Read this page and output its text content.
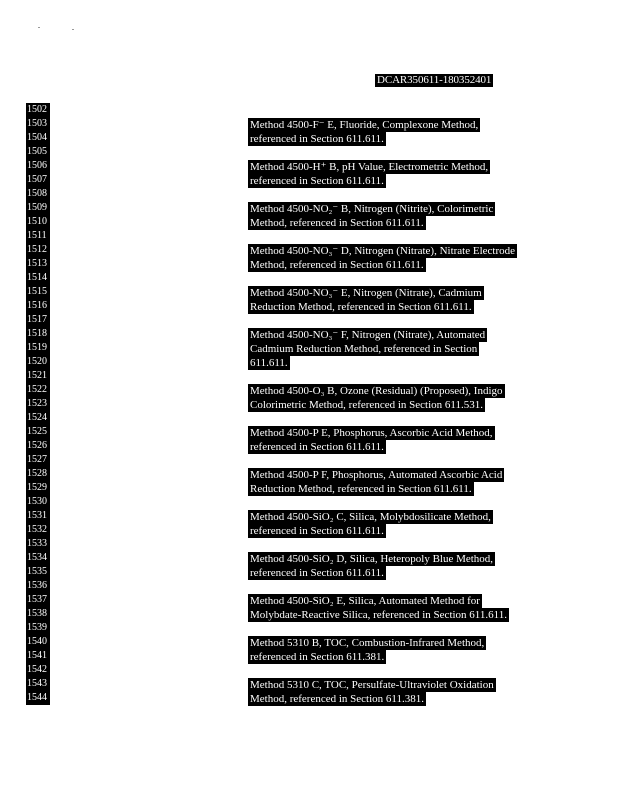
DCAR350611-180352401
1502
1503
1504
1505
1506
1507
1508
1509
1510
1511
1512
1513
1514
1515
1516
1517
1518
1519
1520
1521
1522
1523
1524
1525
1526
1527
1528
1529
1530
1531
1532
1533
1534
1535
1536
1537
1538
1539
1540
1541
1542
1543
1544
Method 4500-F⁻ E, Fluoride, Complexone Method,
referenced in Section 611.611.
Method 4500-H⁺ B, pH Value, Electrometric Method,
referenced in Section 611.611.
Method 4500-NO₂⁻ B, Nitrogen (Nitrite), Colorimetric
Method, referenced in Section 611.611.
Method 4500-NO₃⁻ D, Nitrogen (Nitrate), Nitrate Electrode
Method, referenced in Section 611.611.
Method 4500-NO₃⁻ E, Nitrogen (Nitrate), Cadmium
Reduction Method, referenced in Section 611.611.
Method 4500-NO₃⁻ F, Nitrogen (Nitrate), Automated
Cadmium Reduction Method, referenced in Section
611.611.
Method 4500-O₃ B, Ozone (Residual) (Proposed), Indigo
Colorimetric Method, referenced in Section 611.531.
Method 4500-P E, Phosphorus, Ascorbic Acid Method,
referenced in Section 611.611.
Method 4500-P F, Phosphorus, Automated Ascorbic Acid
Reduction Method, referenced in Section 611.611.
Method 4500-SiO₂ C, Silica, Molybdosilicate Method,
referenced in Section 611.611.
Method 4500-SiO₂ D, Silica, Heteropoly Blue Method,
referenced in Section 611.611.
Method 4500-SiO₂ E, Silica, Automated Method for
Molybdate-Reactive Silica, referenced in Section 611.611.
Method 5310 B, TOC, Combustion-Infrared Method,
referenced in Section 611.381.
Method 5310 C, TOC, Persulfate-Ultraviolet Oxidation
Method, referenced in Section 611.381.
